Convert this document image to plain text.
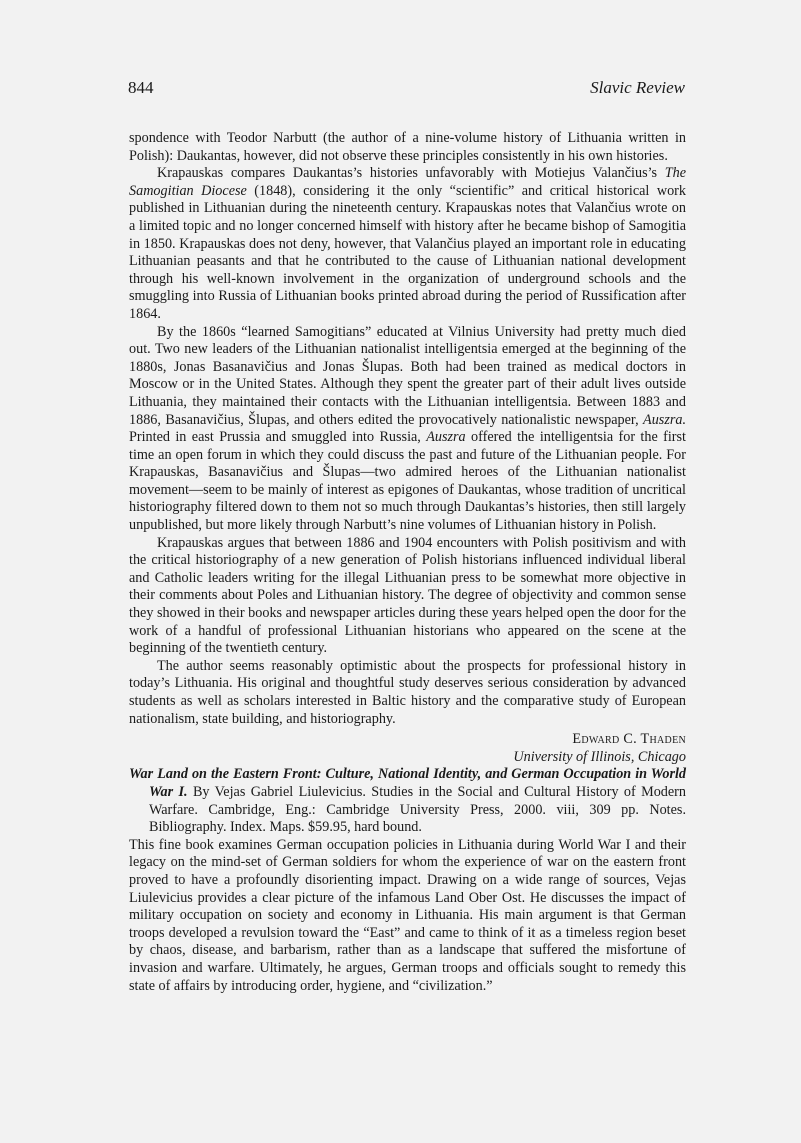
844	Slavic Review

spondence with Teodor Narbutt (the author of a nine-volume history of Lithuania written in Polish): Daukantas, however, did not observe these principles consistently in his own histories.

Krapauskas compares Daukantas’s histories unfavorably with Motiejus Valančius’s The Samogitian Diocese (1848), considering it the only “scientific” and critical historical work published in Lithuanian during the nineteenth century. Krapauskas notes that Valančius wrote on a limited topic and no longer concerned himself with history after he became bishop of Samogitia in 1850. Krapauskas does not deny, however, that Valančius played an important role in educating Lithuanian peasants and that he contributed to the cause of Lithuanian national development through his well-known involvement in the organization of underground schools and the smuggling into Russia of Lithuanian books printed abroad during the period of Russification after 1864.

By the 1860s “learned Samogitians” educated at Vilnius University had pretty much died out. Two new leaders of the Lithuanian nationalist intelligentsia emerged at the beginning of the 1880s, Jonas Basanavičius and Jonas Šlupas. Both had been trained as medical doctors in Moscow or in the United States. Although they spent the greater part of their adult lives outside Lithuania, they maintained their contacts with the Lithuanian intelligentsia. Between 1883 and 1886, Basanavičius, Šlupas, and others edited the provocatively nationalistic newspaper, Auszra. Printed in east Prussia and smuggled into Russia, Auszra offered the intelligentsia for the first time an open forum in which they could discuss the past and future of the Lithuanian people. For Krapauskas, Basanavičius and Šlupas—two admired heroes of the Lithuanian nationalist movement—seem to be mainly of interest as epigones of Daukantas, whose tradition of uncritical historiography filtered down to them not so much through Daukantas’s histories, then still largely unpublished, but more likely through Narbutt’s nine volumes of Lithuanian history in Polish.

Krapauskas argues that between 1886 and 1904 encounters with Polish positivism and with the critical historiography of a new generation of Polish historians influenced individual liberal and Catholic leaders writing for the illegal Lithuanian press to be somewhat more objective in their comments about Poles and Lithuanian history. The degree of objectivity and common sense they showed in their books and newspaper articles during these years helped open the door for the work of a handful of professional Lithuanian historians who appeared on the scene at the beginning of the twentieth century.

The author seems reasonably optimistic about the prospects for professional history in today’s Lithuania. His original and thoughtful study deserves serious consideration by advanced students as well as scholars interested in Baltic history and the comparative study of European nationalism, state building, and historiography.

Edward C. Thaden
University of Illinois, Chicago

War Land on the Eastern Front: Culture, National Identity, and German Occupation in World War I. By Vejas Gabriel Liulevicius. Studies in the Social and Cultural History of Modern Warfare. Cambridge, Eng.: Cambridge University Press, 2000. viii, 309 pp. Notes. Bibliography. Index. Maps. $59.95, hard bound.

This fine book examines German occupation policies in Lithuania during World War I and their legacy on the mind-set of German soldiers for whom the experience of war on the eastern front proved to have a profoundly disorienting impact. Drawing on a wide range of sources, Vejas Liulevicius provides a clear picture of the infamous Land Ober Ost. He discusses the impact of military occupation on society and economy in Lithuania. His main argument is that German troops developed a revulsion toward the “East” and came to think of it as a timeless region beset by chaos, disease, and barbarism, rather than as a landscape that suffered the misfortune of invasion and warfare. Ultimately, he argues, German troops and officials sought to remedy this state of affairs by introducing order, hygiene, and “civilization.”
